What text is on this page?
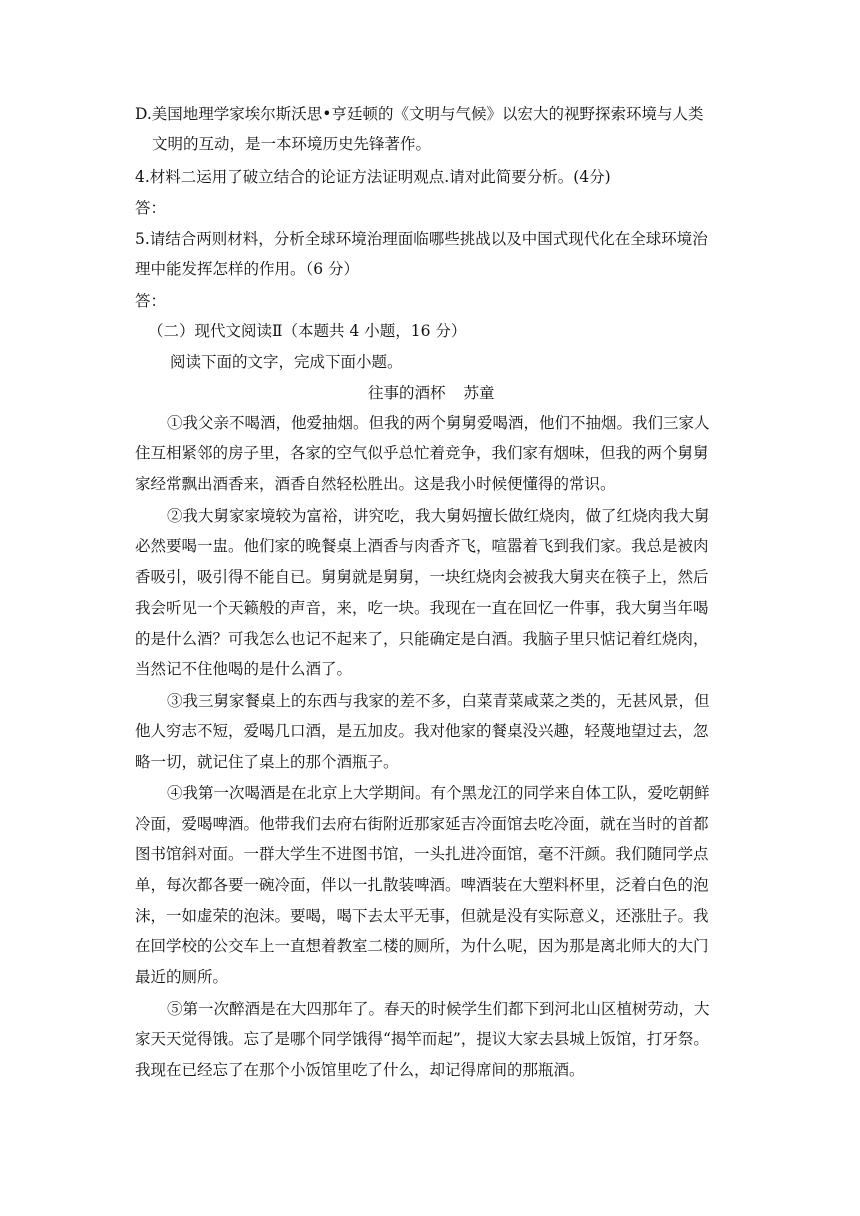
D.美国地理学家埃尔斯沃思•亨廷顿的《文明与气候》以宏大的视野探索环境与人类

文明的互动，是一本环境历史先锋著作。

4.材料二运用了破立结合的论证方法证明观点.请对此简要分析。(4分)

答：

5.请结合两则材料，分析全球环境治理面临哪些挑战以及中国式现代化在全球环境治

理中能发挥怎样的作用。（6 分）

答：

（二）现代文阅读Ⅱ（本题共 4 小题，16 分）

阅读下面的文字，完成下面小题。

往事的酒杯 苏童

①我父亲不喝酒，他爱抽烟。但我的两个舅舅爱喝酒，他们不抽烟。我们三家人

住互相紧邻的房子里，各家的空气似乎总忙着竞争，我们家有烟味，但我的两个舅舅

家经常飘出酒香来，酒香自然轻松胜出。这是我小时候便懂得的常识。

②我大舅家家境较为富裕，讲究吃，我大舅妈擅长做红烧肉，做了红烧肉我大舅

必然要喝一盅。他们家的晚餐桌上酒香与肉香齐飞，喧嚣着飞到我们家。我总是被肉

香吸引，吸引得不能自已。舅舅就是舅舅，一块红烧肉会被我大舅夹在筷子上，然后

我会听见一个天籁般的声音，来，吃一块。我现在一直在回忆一件事，我大舅当年喝

的是什么酒？可我怎么也记不起来了，只能确定是白酒。我脑子里只惦记着红烧肉，

当然记不住他喝的是什么酒了。

③我三舅家餐桌上的东西与我家的差不多，白菜青菜咸菜之类的，无甚风景，但

他人穷志不短，爱喝几口酒，是五加皮。我对他家的餐桌没兴趣，轻蔑地望过去，忽

略一切，就记住了桌上的那个酒瓶子。

④我第一次喝酒是在北京上大学期间。有个黑龙江的同学来自体工队，爱吃朝鲜

冷面，爱喝啤酒。他带我们去府右街附近那家延吉冷面馆去吃冷面，就在当时的首都

图书馆斜对面。一群大学生不进图书馆，一头扎进冷面馆，毫不汗颜。我们随同学点

单，每次都各要一碗冷面，伴以一扎散装啤酒。啤酒装在大塑料杯里，泛着白色的泡

沫，一如虚荣的泡沫。要喝，喝下去太平无事，但就是没有实际意义，还涨肚子。我

在回学校的公交车上一直想着教室二楼的厕所，为什么呢，因为那是离北师大的大门

最近的厕所。

⑤第一次醉酒是在大四那年了。春天的时候学生们都下到河北山区植树劳动，大

家天天觉得饿。忘了是哪个同学饿得“揭竿而起”，提议大家去县城上饭馆，打牙祭。

我现在已经忘了在那个小饭馆里吃了什么，却记得席间的那瓶酒。
